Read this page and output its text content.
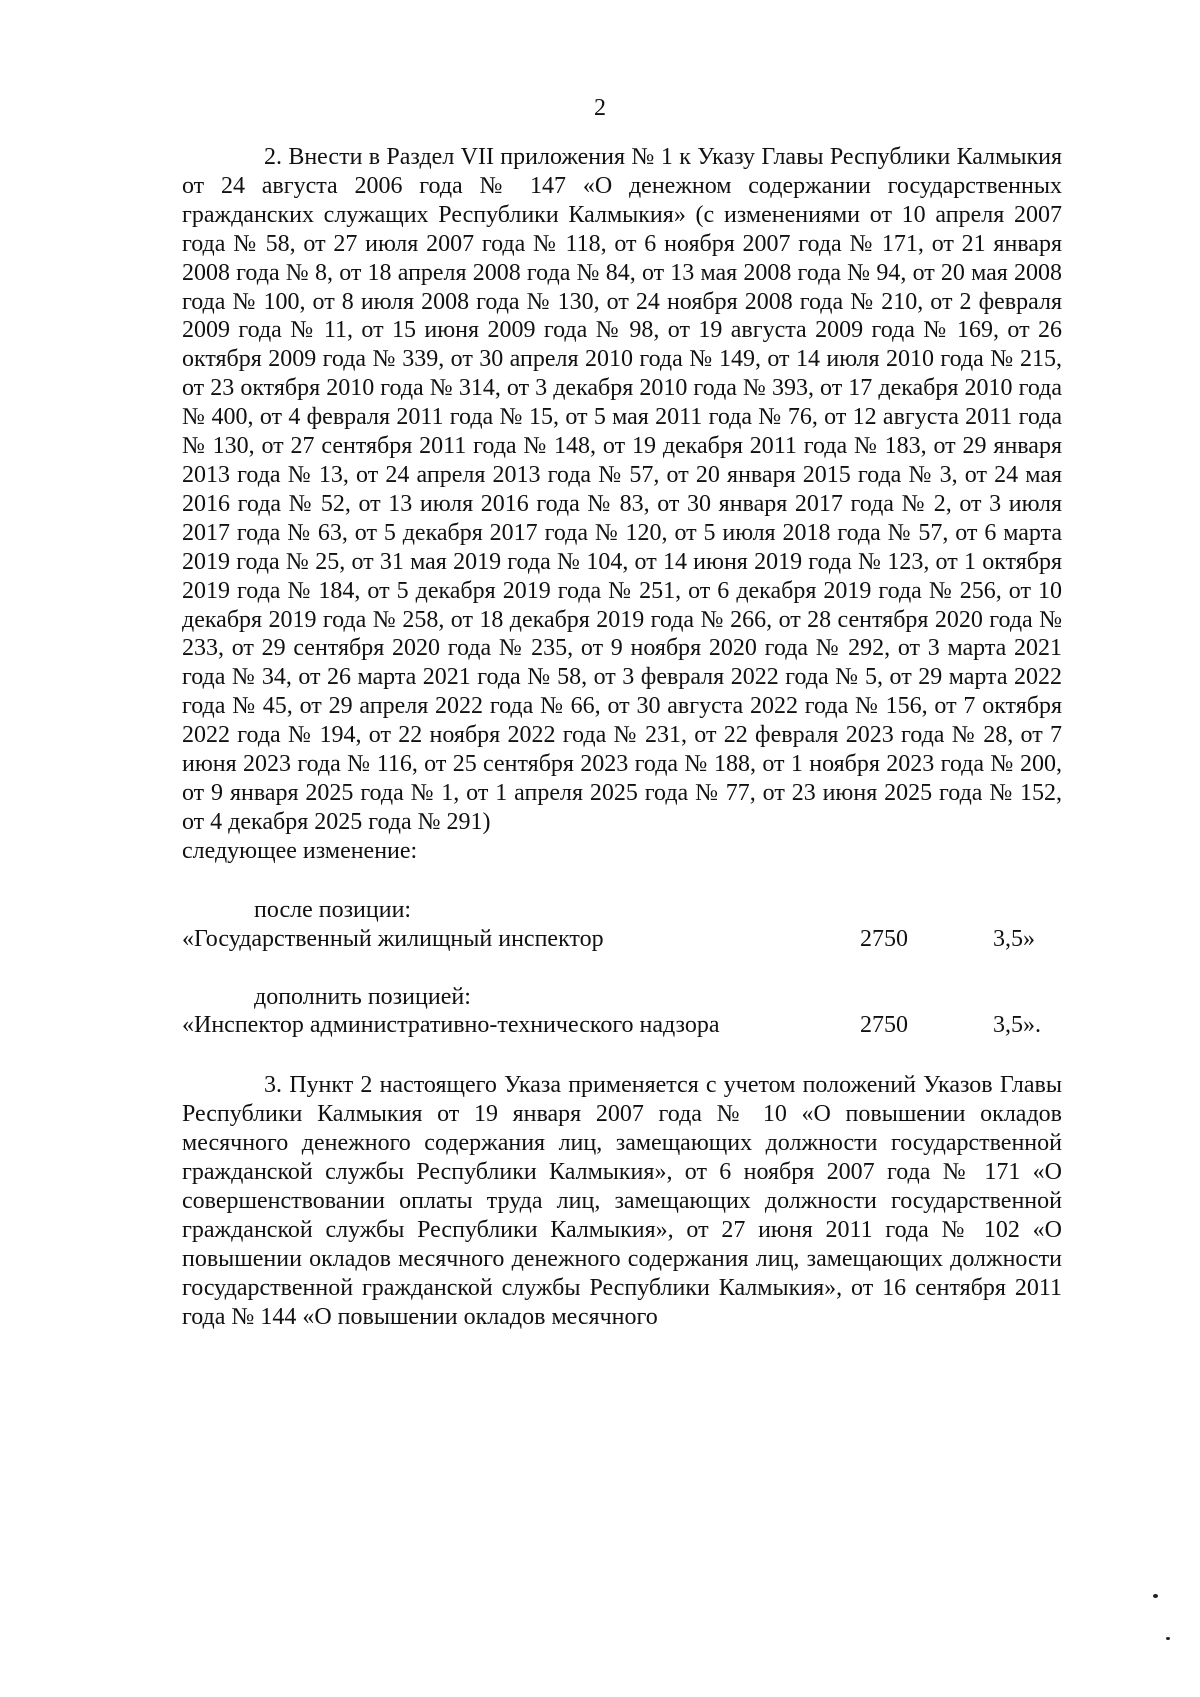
2

2. Внести в Раздел VII приложения № 1 к Указу Главы Республики Калмыкия от 24 августа 2006 года № 147 «О денежном содержании государственных гражданских служащих Республики Калмыкия» (с изменениями от 10 апреля 2007 года № 58, от 27 июля 2007 года № 118, от 6 ноября 2007 года № 171, от 21 января 2008 года № 8, от 18 апреля 2008 года № 84, от 13 мая 2008 года № 94, от 20 мая 2008 года № 100, от 8 июля 2008 года № 130, от 24 ноября 2008 года № 210, от 2 февраля 2009 года № 11, от 15 июня 2009 года № 98, от 19 августа 2009 года № 169, от 26 октября 2009 года № 339, от 30 апреля 2010 года № 149, от 14 июля 2010 года № 215, от 23 октября 2010 года № 314, от 3 декабря 2010 года № 393, от 17 декабря 2010 года № 400, от 4 февраля 2011 года № 15, от 5 мая 2011 года № 76, от 12 августа 2011 года № 130, от 27 сентября 2011 года № 148, от 19 декабря 2011 года № 183, от 29 января 2013 года № 13, от 24 апреля 2013 года № 57, от 20 января 2015 года № 3, от 24 мая 2016 года № 52, от 13 июля 2016 года № 83, от 30 января 2017 года № 2, от 3 июля 2017 года № 63, от 5 декабря 2017 года № 120, от 5 июля 2018 года № 57, от 6 марта 2019 года № 25, от 31 мая 2019 года № 104, от 14 июня 2019 года № 123, от 1 октября 2019 года № 184, от 5 декабря 2019 года № 251, от 6 декабря 2019 года № 256, от 10 декабря 2019 года № 258, от 18 декабря 2019 года № 266, от 28 сентября 2020 года № 233, от 29 сентября 2020 года № 235, от 9 ноября 2020 года № 292, от 3 марта 2021 года № 34, от 26 марта 2021 года № 58, от 3 февраля 2022 года № 5, от 29 марта 2022 года № 45, от 29 апреля 2022 года № 66, от 30 августа 2022 года № 156, от 7 октября 2022 года № 194, от 22 ноября 2022 года № 231, от 22 февраля 2023 года № 28, от 7 июня 2023 года № 116, от 25 сентября 2023 года № 188, от 1 ноября 2023 года № 200, от 9 января 2025 года № 1, от 1 апреля 2025 года № 77, от 23 июня 2025 года № 152, от 4 декабря 2025 года № 291)

следующее изменение:

после позиции:

«Государственный жилищный инспектор	2750	3,5»

дополнить позицией:

«Инспектор административно-технического надзора	2750	3,5».

3. Пункт 2 настоящего Указа применяется с учетом положений Указов Главы Республики Калмыкия от 19 января 2007 года № 10 «О повышении окладов месячного денежного содержания лиц, замещающих должности государственной гражданской службы Республики Калмыкия», от 6 ноября 2007 года № 171 «О совершенствовании оплаты труда лиц, замещающих должности государственной гражданской службы Республики Калмыкия», от 27 июня 2011 года № 102 «О повышении окладов месячного денежного содержания лиц, замещающих должности государственной гражданской службы Республики Калмыкия», от 16 сентября 2011 года № 144 «О повышении окладов месячного
